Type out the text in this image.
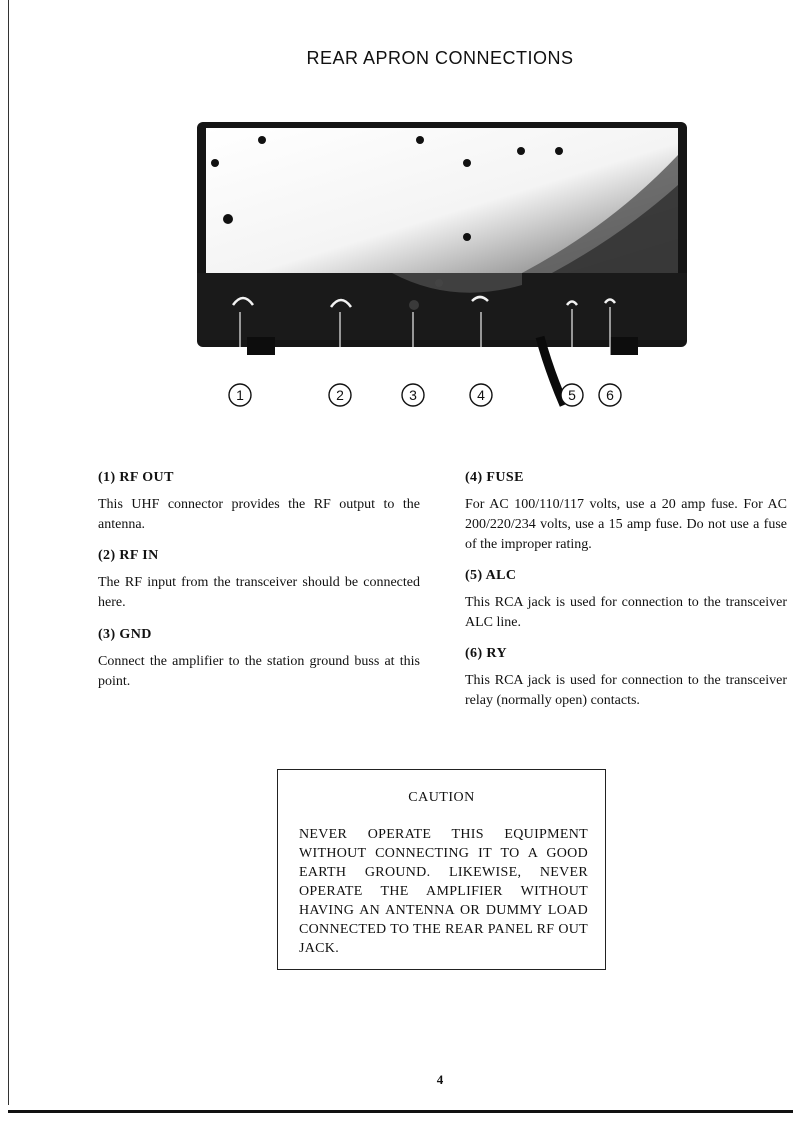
REAR APRON CONNECTIONS
1	2	3	4	5 6
(1) RF OUT

This UHF connector provides the RF output to the antenna.

(2) RF IN

The RF input from the transceiver should be connected here.

(3) GND

Connect the amplifier to the station ground buss at this point.

(4) FUSE

For AC 100/110/117 volts, use a 20 amp fuse. For AC 200/220/234 volts, use a 15 amp fuse. Do not use a fuse of the improper rating.

(5) ALC

This RCA jack is used for connection to the transceiver ALC line.

(6) RY

This RCA jack is used for connection to the transceiver relay (normally open) contacts.

CAUTION
NEVER OPERATE THIS EQUIPMENT WITHOUT CONNECTING IT TO A GOOD EARTH GROUND. LIKEWISE, NEVER OPERATE THE AMPLIFIER WITHOUT HAVING AN ANTENNA OR DUMMY LOAD CONNECTED TO THE REAR PANEL RF OUT JACK.
4
